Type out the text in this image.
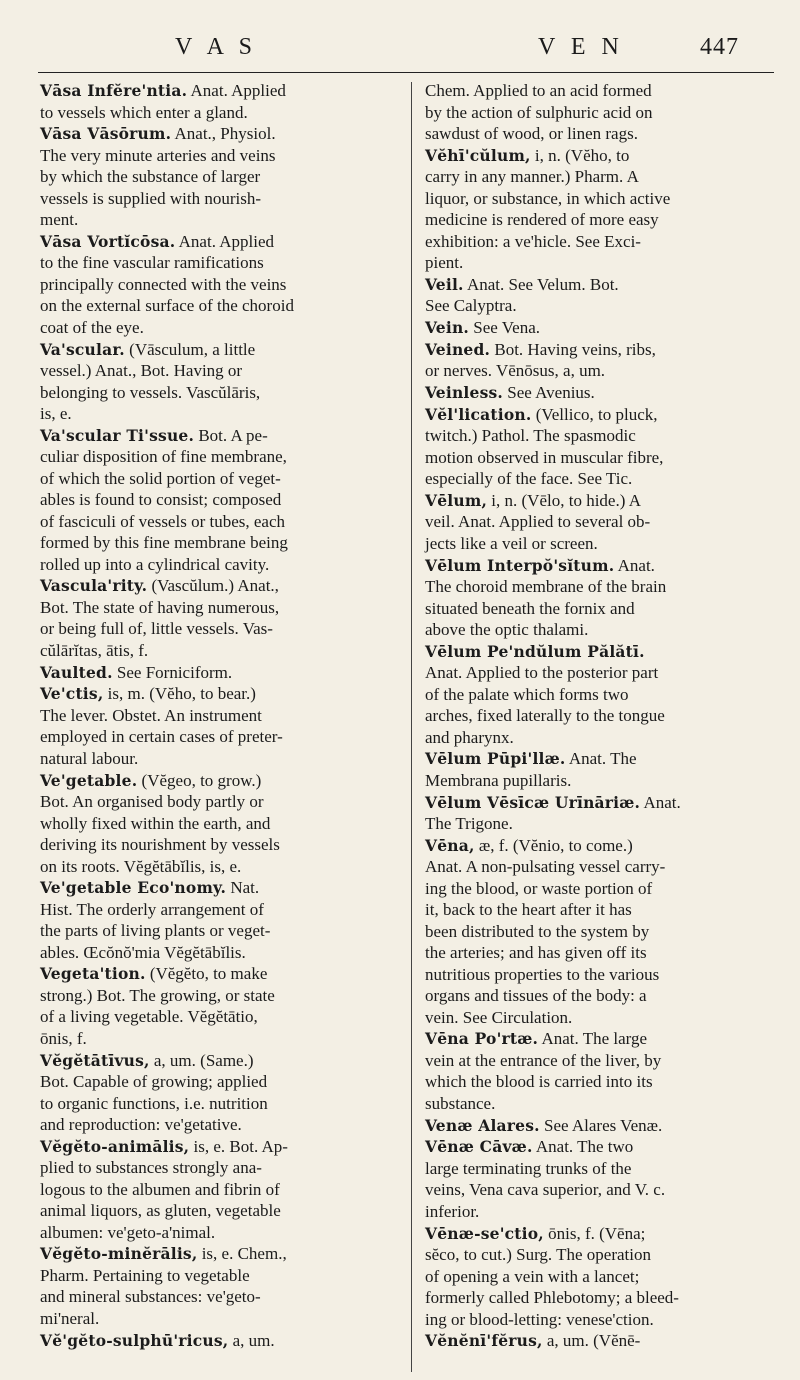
V A S	V E N	447
Vāsa Infĕre'ntia. Anat. Applied
to vessels which enter a gland.
Vāsa Vāsōrum. Anat., Physiol.
The very minute arteries and veins
by which the substance of larger
vessels is supplied with nourish-
ment.
Vāsa Vortĭcōsa. Anat. Applied
to the fine vascular ramifications
principally connected with the veins
on the external surface of the choroid
coat of the eye.
Va'scular. (Vāsculum, a little
vessel.) Anat., Bot. Having or
belonging to vessels. Vascŭlāris,
is, e.
Va'scular Ti'ssue. Bot. A pe-
culiar disposition of fine membrane,
of which the solid portion of veget-
ables is found to consist; composed
of fasciculi of vessels or tubes, each
formed by this fine membrane being
rolled up into a cylindrical cavity.
Vascula'rity. (Vascŭlum.) Anat.,
Bot. The state of having numerous,
or being full of, little vessels. Vas-
cŭlārĭtas, ātis, f.
Vaulted. See Forniciform.
Ve'ctis, is, m. (Vĕho, to bear.)
The lever. Obstet. An instrument
employed in certain cases of preter-
natural labour.
Ve'getable. (Vĕgeo, to grow.)
Bot. An organised body partly or
wholly fixed within the earth, and
deriving its nourishment by vessels
on its roots. Vĕgĕtābĭlis, is, e.
Ve'getable Eco'nomy. Nat.
Hist. The orderly arrangement of
the parts of living plants or veget-
ables. Œcŏnŏ'mia Vĕgĕtābĭlis.
Vegeta'tion. (Vĕgĕto, to make
strong.) Bot. The growing, or state
of a living vegetable. Vĕgĕtātio,
ōnis, f.
Vĕgĕtātīvus, a, um. (Same.)
Bot. Capable of growing; applied
to organic functions, i.e. nutrition
and reproduction: ve'getative.
Vĕgĕto-animālis, is, e. Bot. Ap-
plied to substances strongly ana-
logous to the albumen and fibrin of
animal liquors, as gluten, vegetable
albumen: ve'geto-a'nimal.
Vĕgĕto-minĕrālis, is, e. Chem.,
Pharm. Pertaining to vegetable
and mineral substances: ve'geto-
mi'neral.
Vĕ'gĕto-sulphū'ricus, a, um.
Chem. Applied to an acid formed
by the action of sulphuric acid on
sawdust of wood, or linen rags.
Vĕhī'cŭlum, i, n. (Vĕho, to
carry in any manner.) Pharm. A
liquor, or substance, in which active
medicine is rendered of more easy
exhibition: a ve'hicle. See Exci-
pient.
Veil. Anat. See Velum. Bot.
See Calyptra.
Vein. See Vena.
Veined. Bot. Having veins, ribs,
or nerves. Vēnōsus, a, um.
Veinless. See Avenius.
Vĕl'lication. (Vellico, to pluck,
twitch.) Pathol. The spasmodic
motion observed in muscular fibre,
especially of the face. See Tic.
Vēlum, i, n. (Vēlo, to hide.) A
veil. Anat. Applied to several ob-
jects like a veil or screen.
Vēlum Interpŏ'sĭtum. Anat.
The choroid membrane of the brain
situated beneath the fornix and
above the optic thalami.
Vēlum Pe'ndŭlum Pălătī.
Anat. Applied to the posterior part
of the palate which forms two
arches, fixed laterally to the tongue
and pharynx.
Vēlum Pūpi'llæ. Anat. The
Membrana pupillaris.
Vēlum Vēsīcæ Urīnāriæ. Anat.
The Trigone.
Vēna, æ, f. (Vĕnio, to come.)
Anat. A non-pulsating vessel carry-
ing the blood, or waste portion of
it, back to the heart after it has
been distributed to the system by
the arteries; and has given off its
nutritious properties to the various
organs and tissues of the body: a
vein. See Circulation.
Vēna Po'rtæ. Anat. The large
vein at the entrance of the liver, by
which the blood is carried into its
substance.
Venæ Alares. See Alares Venæ.
Vēnæ Cāvæ. Anat. The two
large terminating trunks of the
veins, Vena cava superior, and V. c.
inferior.
Vēnæ-se'ctio, ōnis, f. (Vēna;
sĕco, to cut.) Surg. The operation
of opening a vein with a lancet;
formerly called Phlebotomy; a bleed-
ing or blood-letting: venese'ction.
Vĕnĕnī'fĕrus, a, um. (Vĕnē-
